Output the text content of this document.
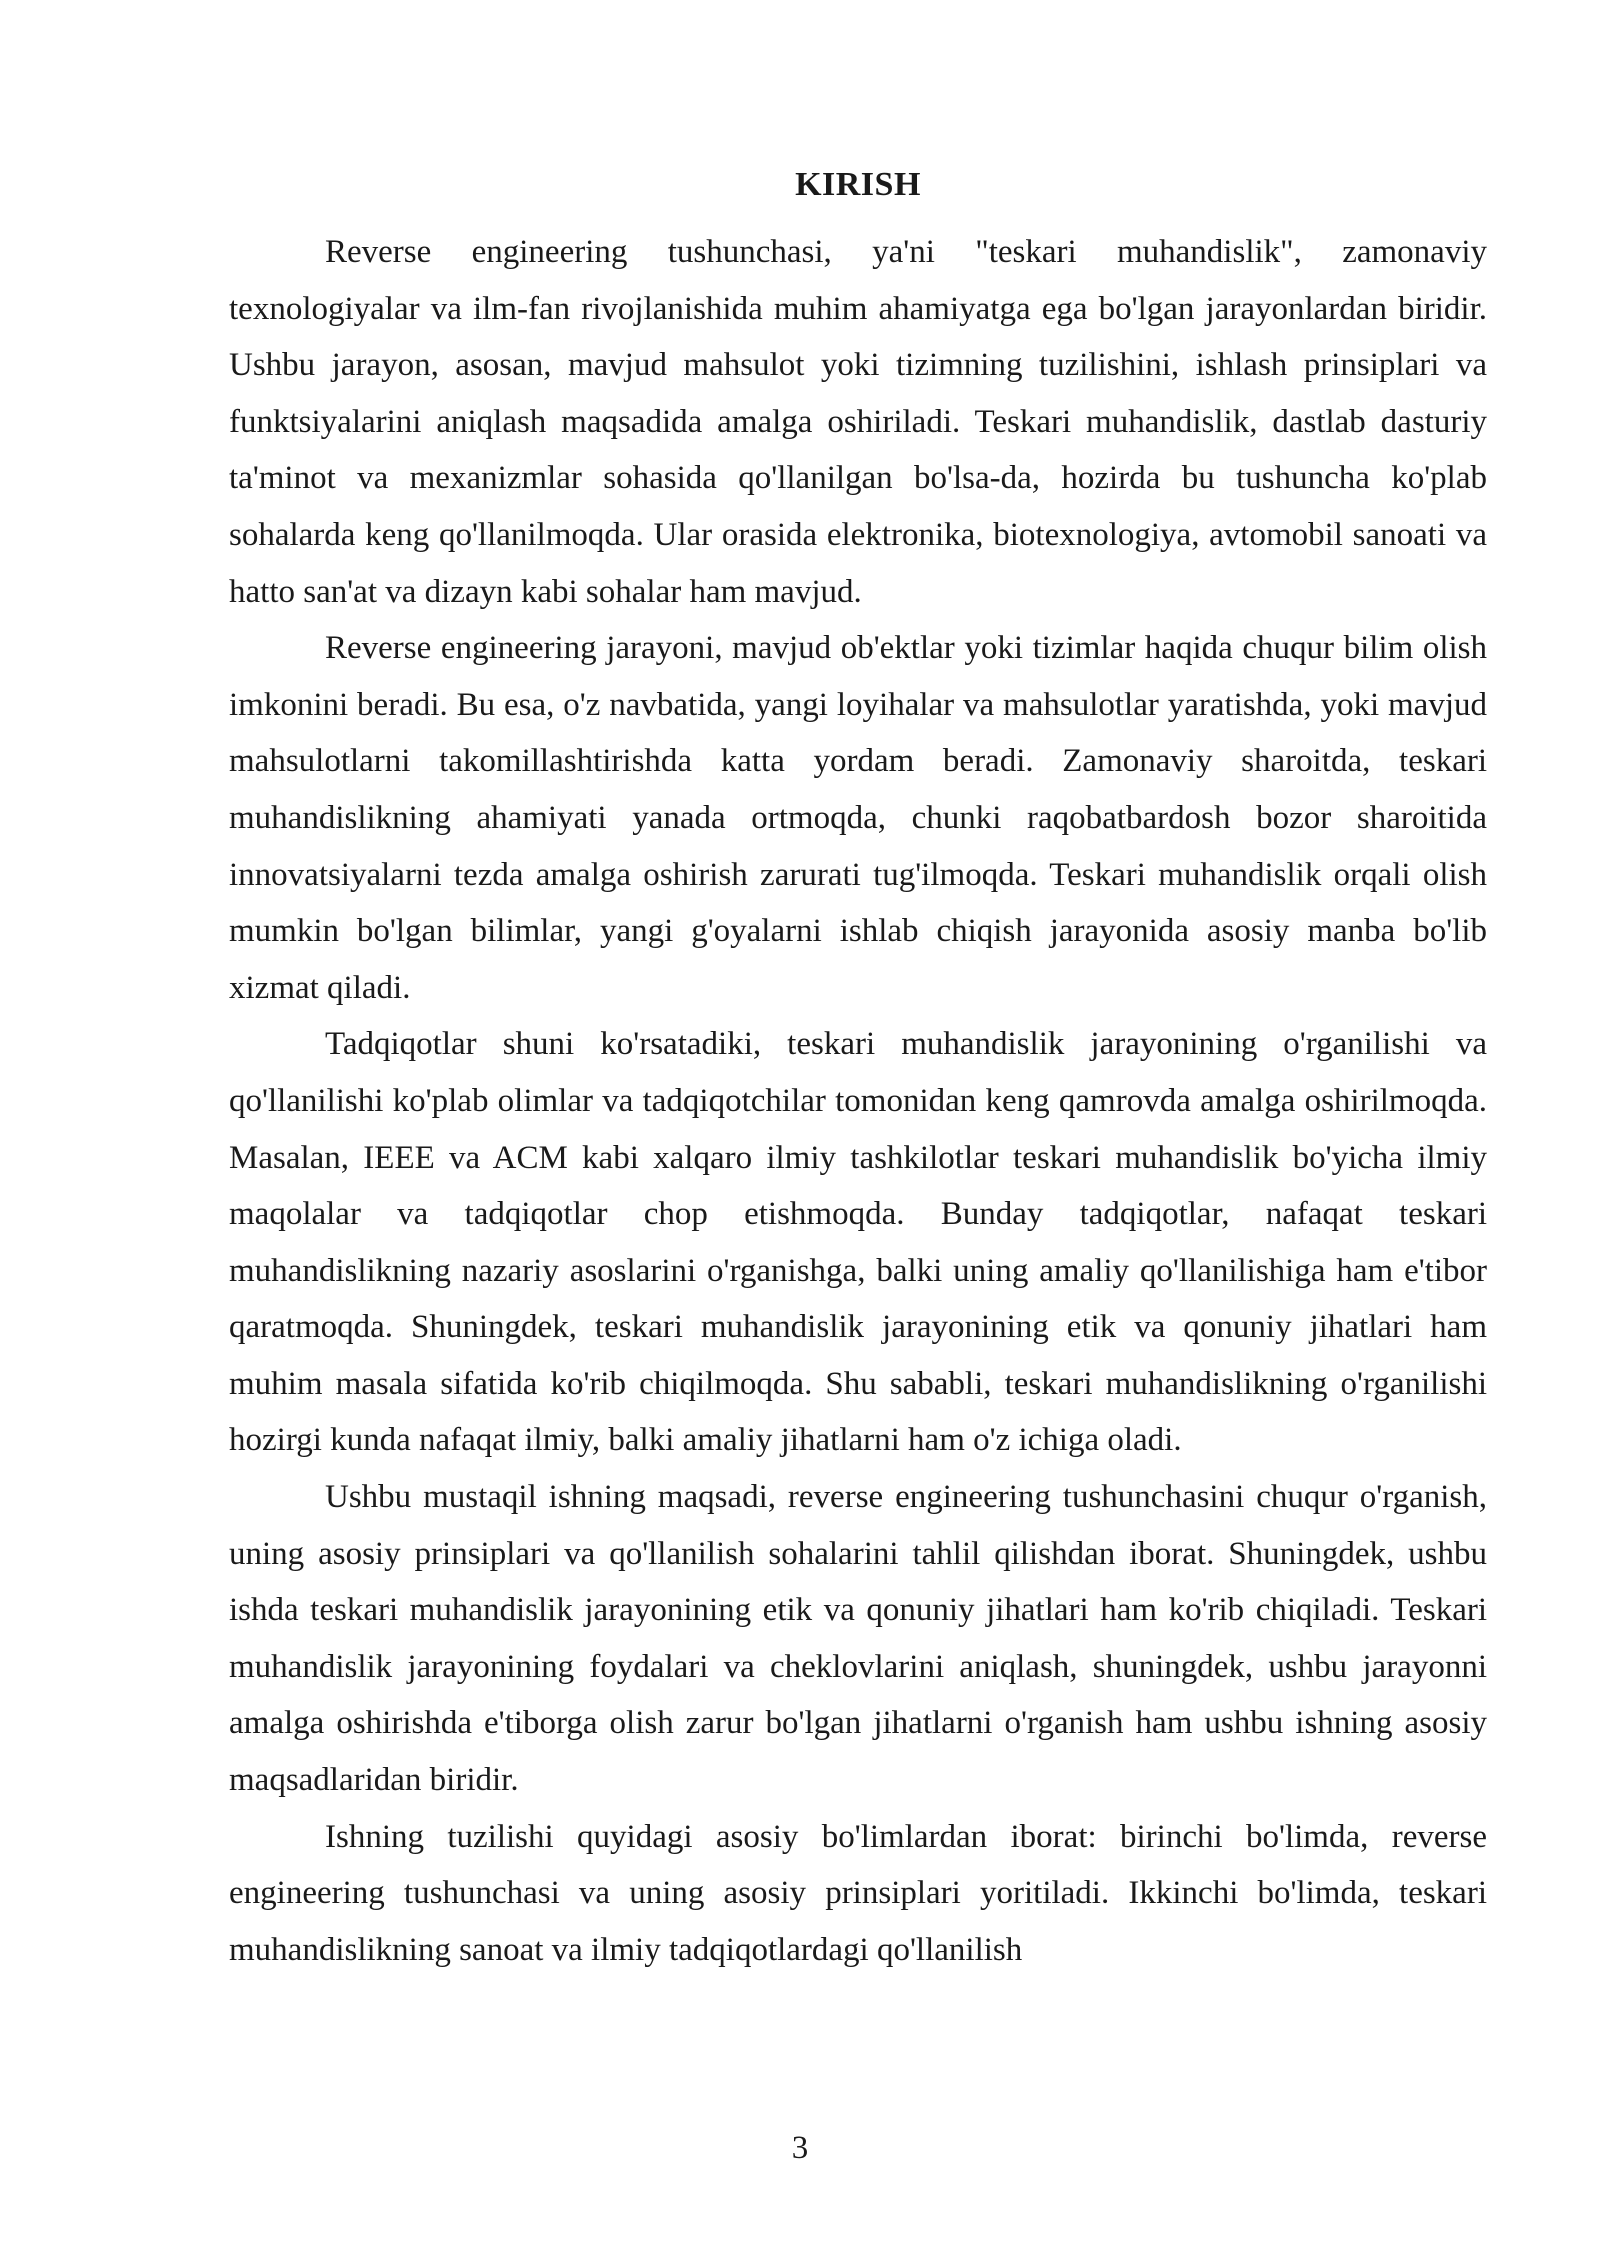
KIRISH

Reverse engineering tushunchasi, ya'ni "teskari muhandislik", zamonaviy texnologiyalar va ilm-fan rivojlanishida muhim ahamiyatga ega bo'lgan jarayonlardan biridir. Ushbu jarayon, asosan, mavjud mahsulot yoki tizimning tuzilishini, ishlash prinsiplari va funktsiyalarini aniqlash maqsadida amalga oshiriladi. Teskari muhandislik, dastlab dasturiy ta'minot va mexanizmlar sohasida qo'llanilgan bo'lsa-da, hozirda bu tushuncha ko'plab sohalarda keng qo'llanilmoqda. Ular orasida elektronika, biotexnologiya, avtomobil sanoati va hatto san'at va dizayn kabi sohalar ham mavjud.

Reverse engineering jarayoni, mavjud ob'ektlar yoki tizimlar haqida chuqur bilim olish imkonini beradi. Bu esa, o'z navbatida, yangi loyihalar va mahsulotlar yaratishda, yoki mavjud mahsulotlarni takomillashtirishda katta yordam beradi. Zamonaviy sharoitda, teskari muhandislikning ahamiyati yanada ortmoqda, chunki raqobatbardosh bozor sharoitida innovatsiyalarni tezda amalga oshirish zarurati tug'ilmoqda. Teskari muhandislik orqali olish mumkin bo'lgan bilimlar, yangi g'oyalarni ishlab chiqish jarayonida asosiy manba bo'lib xizmat qiladi.

Tadqiqotlar shuni ko'rsatadiki, teskari muhandislik jarayonining o'rganilishi va qo'llanilishi ko'plab olimlar va tadqiqotchilar tomonidan keng qamrovda amalga oshirilmoqda. Masalan, IEEE va ACM kabi xalqaro ilmiy tashkilotlar teskari muhandislik bo'yicha ilmiy maqolalar va tadqiqotlar chop etishmoqda. Bunday tadqiqotlar, nafaqat teskari muhandislikning nazariy asoslarini o'rganishga, balki uning amaliy qo'llanilishiga ham e'tibor qaratmoqda. Shuningdek, teskari muhandislik jarayonining etik va qonuniy jihatlari ham muhim masala sifatida ko'rib chiqilmoqda. Shu sababli, teskari muhandislikning o'rganilishi hozirgi kunda nafaqat ilmiy, balki amaliy jihatlarni ham o'z ichiga oladi.

Ushbu mustaqil ishning maqsadi, reverse engineering tushunchasini chuqur o'rganish, uning asosiy prinsiplari va qo'llanilish sohalarini tahlil qilishdan iborat. Shuningdek, ushbu ishda teskari muhandislik jarayonining etik va qonuniy jihatlari ham ko'rib chiqiladi. Teskari muhandislik jarayonining foydalari va cheklovlarini aniqlash, shuningdek, ushbu jarayonni amalga oshirishda e'tiborga olish zarur bo'lgan jihatlarni o'rganish ham ushbu ishning asosiy maqsadlaridan biridir.

Ishning tuzilishi quyidagi asosiy bo'limlardan iborat: birinchi bo'limda, reverse engineering tushunchasi va uning asosiy prinsiplari yoritiladi. Ikkinchi bo'limda, teskari muhandislikning sanoat va ilmiy tadqiqotlardagi qo'llanilish

3
